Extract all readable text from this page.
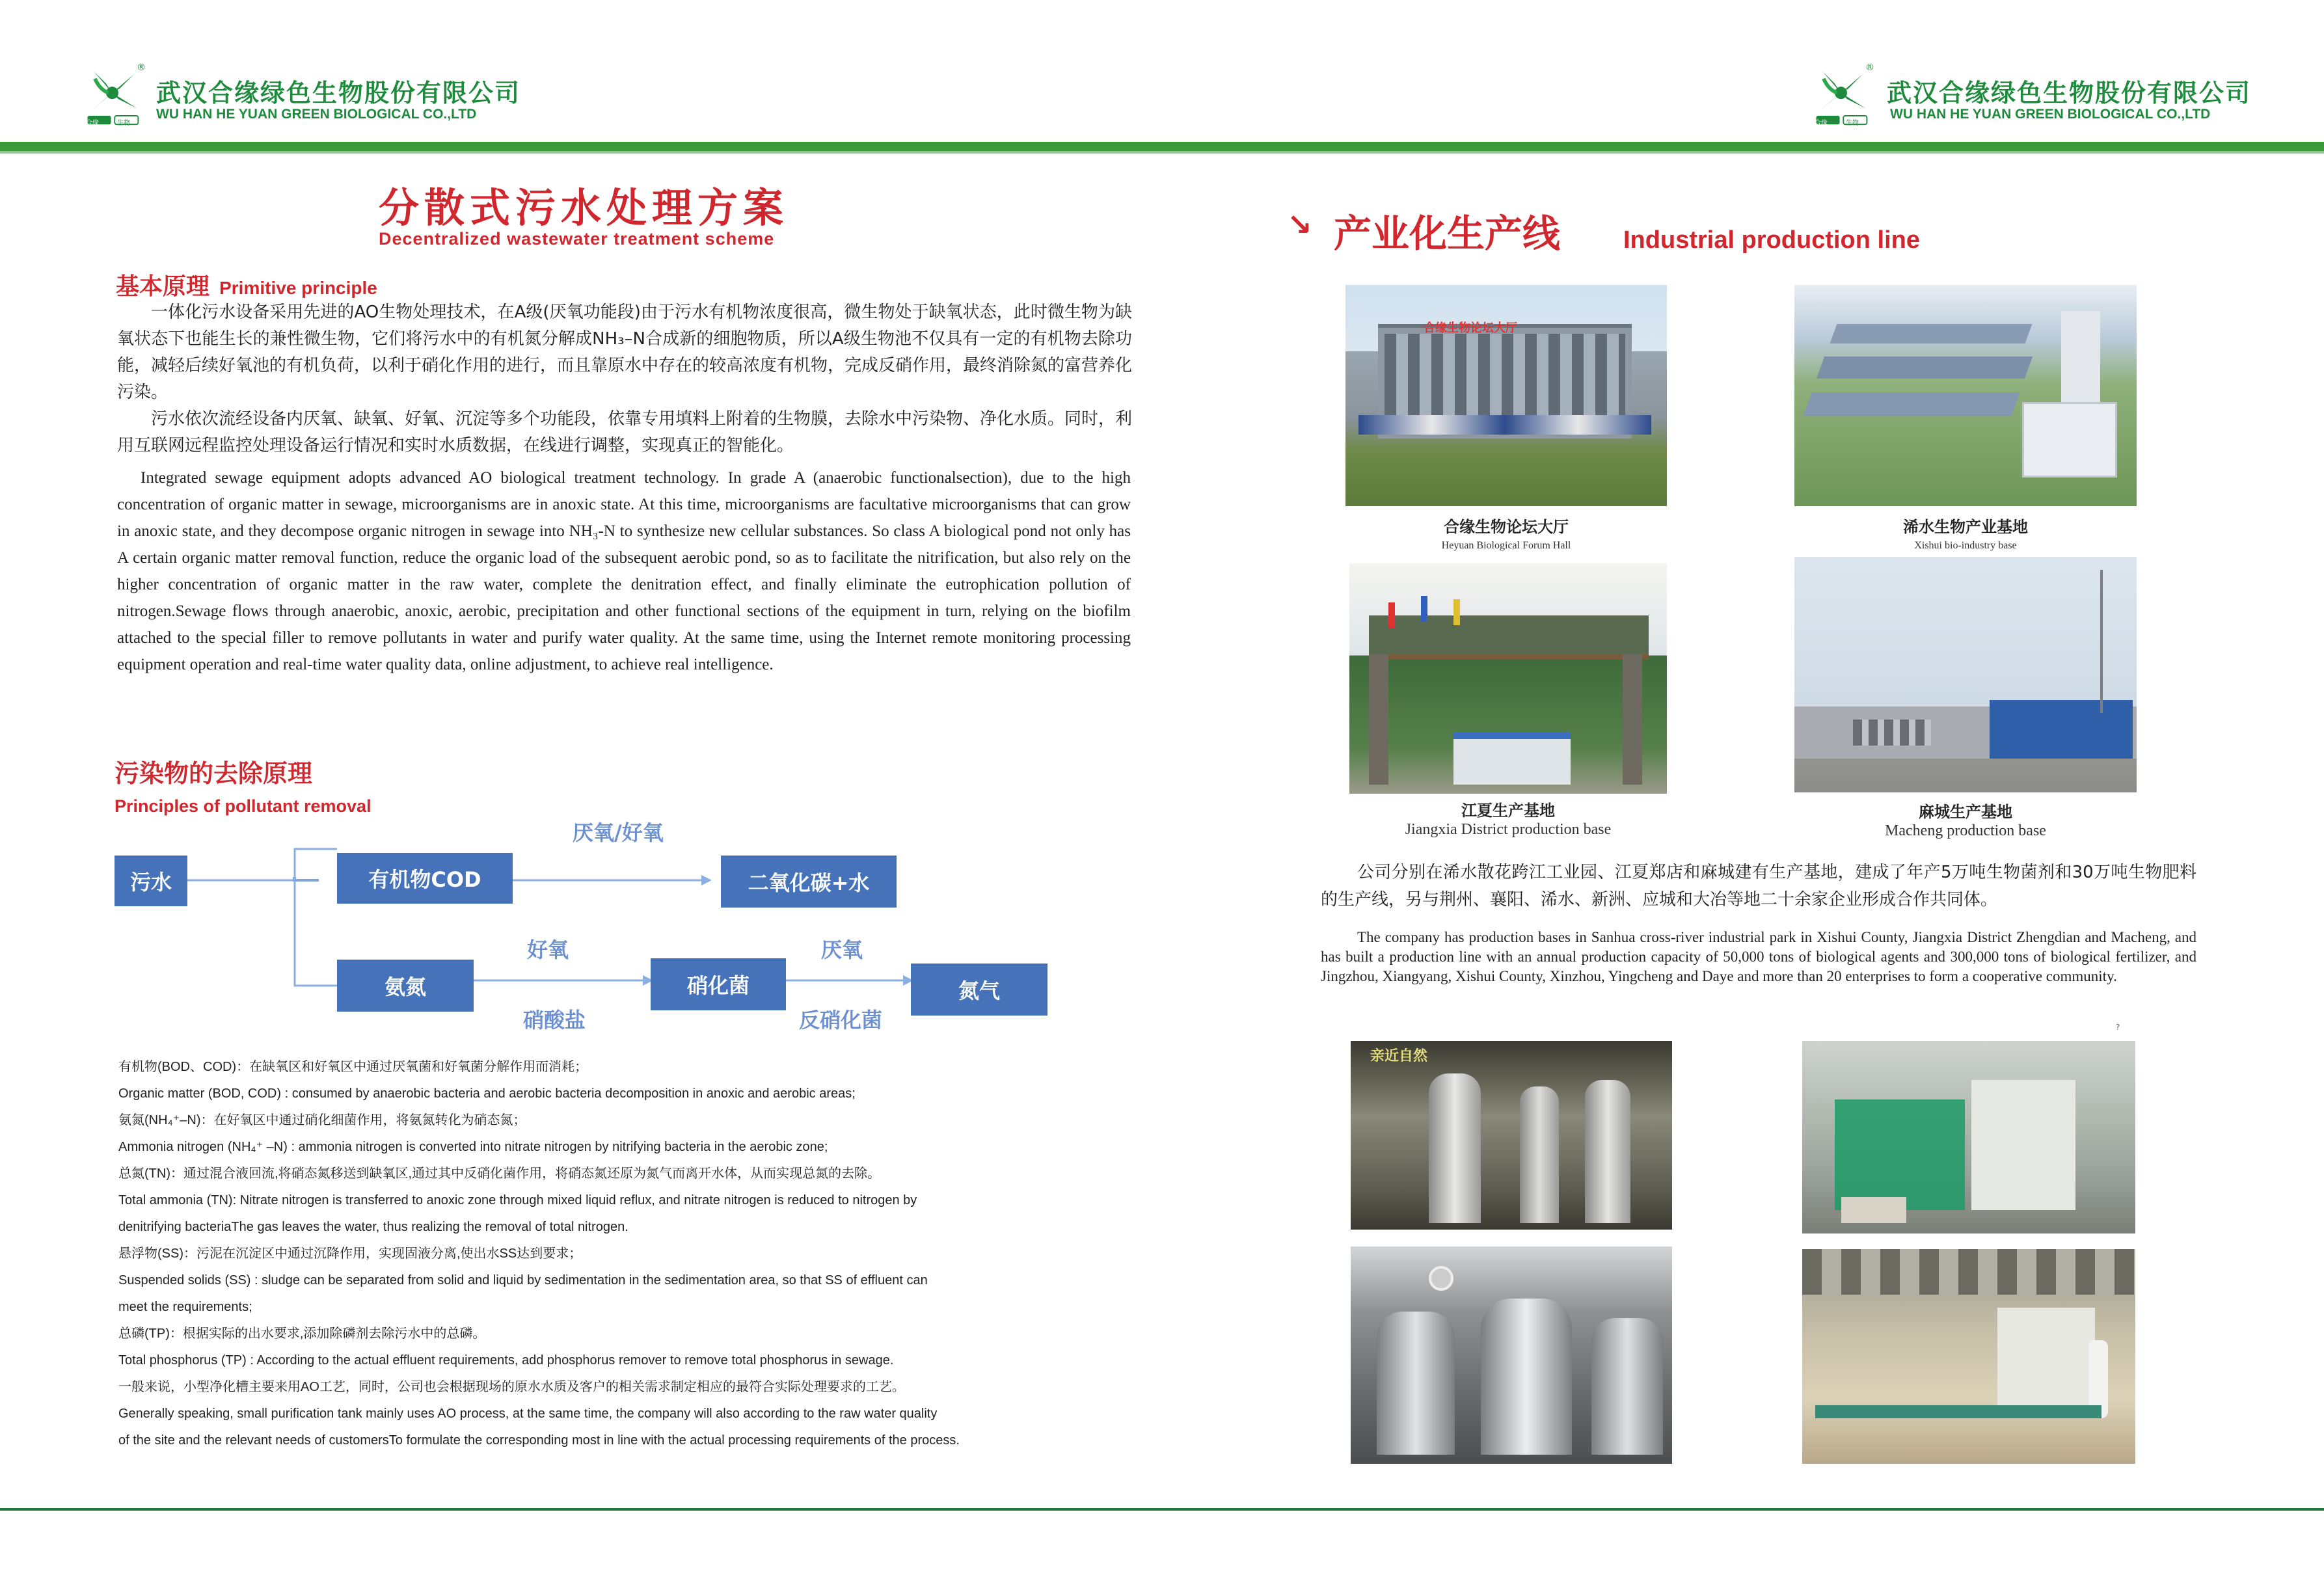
合缘	生物
®
武汉合缘绿色生物股份有限公司
WU HAN HE YUAN GREEN BIOLOGICAL CO.,LTD
合缘	生物
®
武汉合缘绿色生物股份有限公司
WU HAN HE YUAN GREEN BIOLOGICAL CO.,LTD
分散式污水处理方案
Decentralized wastewater treatment scheme
基本原理 Primitive principle
一体化污水设备采用先进的AO生物处理技术，在A级(厌氧功能段)由于污水有机物浓度很高，微生物处于缺氧状态，此时微生物为缺氧状态下也能生长的兼性微生物，它们将污水中的有机氮分解成NH₃–N合成新的细胞物质，所以A级生物池不仅具有一定的有机物去除功能，减轻后续好氧池的有机负荷，以利于硝化作用的进行，而且靠原水中存在的较高浓度有机物，完成反硝作用，最终消除氮的富营养化污染。
污水依次流经设备内厌氧、缺氧、好氧、沉淀等多个功能段，依靠专用填料上附着的生物膜，去除水中污染物、净化水质。同时，利用互联网远程监控处理设备运行情况和实时水质数据，在线进行调整，实现真正的智能化。
Integrated sewage equipment adopts advanced AO biological treatment technology. In grade A (anaerobic functionalsection), due to the high concentration of organic matter in sewage, microorganisms are in anoxic state. At this time, microorganisms are facultative microorganisms that can grow in anoxic state, and they decompose organic nitrogen in sewage into NH₃-N to synthesize new cellular substances. So class A biological pond not only has A certain organic matter removal function, reduce the organic load of the subsequent aerobic pond, so as to facilitate the nitrification, but also rely on the higher concentration of organic matter in the raw water, complete the denitration effect, and finally eliminate the eutrophication pollution of nitrogen.Sewage flows through anaerobic, anoxic, aerobic, precipitation and other functional sections of the equipment in turn, relying on the biofilm attached to the special filler to remove pollutants in water and purify water quality. At the same time, using the Internet remote monitoring processing equipment operation and real-time water quality data, online adjustment, to achieve real intelligence.
污染物的去除原理
Principles of pollutant removal
污水	有机物COD	二氧化碳+水
氨氮	硝化菌	氮气
厌氧/好氧
好氧
硝酸盐
厌氧
反硝化菌
有机物(BOD、COD)：在缺氧区和好氧区中通过厌氧菌和好氧菌分解作用而消耗；
Organic matter (BOD, COD) : consumed by anaerobic bacteria and aerobic bacteria decomposition in anoxic and aerobic areas;
氨氮(NH₄⁺–N)：在好氧区中通过硝化细菌作用，将氨氮转化为硝态氮；
Ammonia nitrogen (NH₄⁺ –N) : ammonia nitrogen is converted into nitrate nitrogen by nitrifying bacteria in the aerobic zone;
总氮(TN)：通过混合液回流,将硝态氮移送到缺氧区,通过其中反硝化菌作用，将硝态氮还原为氮气而离开水体，从而实现总氮的去除。
Total ammonia (TN): Nitrate nitrogen is transferred to anoxic zone through mixed liquid reflux, and nitrate nitrogen is reduced to nitrogen by
denitrifying bacteriaThe gas leaves the water, thus realizing the removal of total nitrogen.
悬浮物(SS)：污泥在沉淀区中通过沉降作用，实现固液分离,使出水SS达到要求；
Suspended solids (SS) : sludge can be separated from solid and liquid by sedimentation in the sedimentation area, so that SS of effluent can
meet the requirements;
总磷(TP)：根据实际的出水要求,添加除磷剂去除污水中的总磷。
Total phosphorus (TP) : According to the actual effluent requirements, add phosphorus remover to remove total phosphorus in sewage.
一般来说，小型净化槽主要来用AO工艺，同时，公司也会根据现场的原水水质及客户的相关需求制定相应的最符合实际处理要求的工艺。
Generally speaking, small purification tank mainly uses AO process, at the same time, the company will also according to the raw water quality
of the site and the relevant needs of customersTo formulate the corresponding most in line with the actual processing requirements of the process.
↘ 产业化生产线	Industrial production line
合缘生物论坛大厅
合缘生物论坛大厅
Heyuan Biological Forum Hall
浠水生物产业基地
Xishui bio-industry base
江夏生产基地
Jiangxia District production base
麻城生产基地
Macheng production base
公司分别在浠水散花跨江工业园、江夏郑店和麻城建有生产基地，建成了年产5万吨生物菌剂和30万吨生物肥料的生产线，另与荆州、襄阳、浠水、新洲、应城和大冶等地二十余家企业形成合作共同体。
The company has production bases in Sanhua cross-river industrial park in Xishui County, Jiangxia District Zhengdian and Macheng, and has built a production line with an annual production capacity of 50,000 tons of biological agents and 300,000 tons of biological fertilizer, and Jingzhou, Xiangyang, Xishui County, Xinzhou, Yingcheng and Daye and more than 20 enterprises to form a cooperative community.
?
亲近自然
